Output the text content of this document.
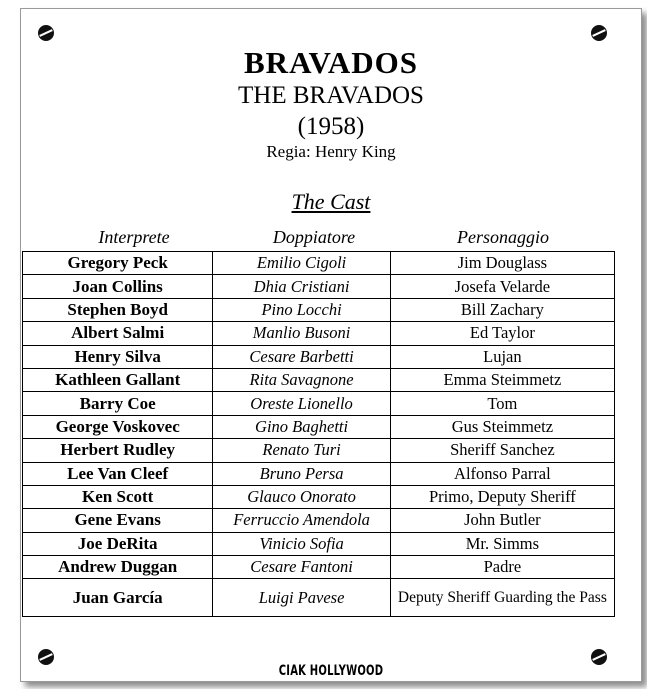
BRAVADOS
THE BRAVADOS
(1958)
Regia: Henry King
The Cast
Interprete	Doppiatore	Personaggio
Gregory Peck	Emilio Cigoli	Jim Douglass
Joan Collins	Dhia Cristiani	Josefa Velarde
Stephen Boyd	Pino Locchi	Bill Zachary
Albert Salmi	Manlio Busoni	Ed Taylor
Henry Silva	Cesare Barbetti	Lujan
Kathleen Gallant	Rita Savagnone	Emma Steimmetz
Barry Coe	Oreste Lionello	Tom
George Voskovec	Gino Baghetti	Gus Steimmetz
Herbert Rudley	Renato Turi	Sheriff Sanchez
Lee Van Cleef	Bruno Persa	Alfonso Parral
Ken Scott	Glauco Onorato	Primo, Deputy Sheriff
Gene Evans	Ferruccio Amendola	John Butler
Joe DeRita	Vinicio Sofia	Mr. Simms
Andrew Duggan	Cesare Fantoni	Padre
Juan García	Luigi Pavese	Deputy Sheriff Guarding the Pass
CIAK HOLLYWOOD
